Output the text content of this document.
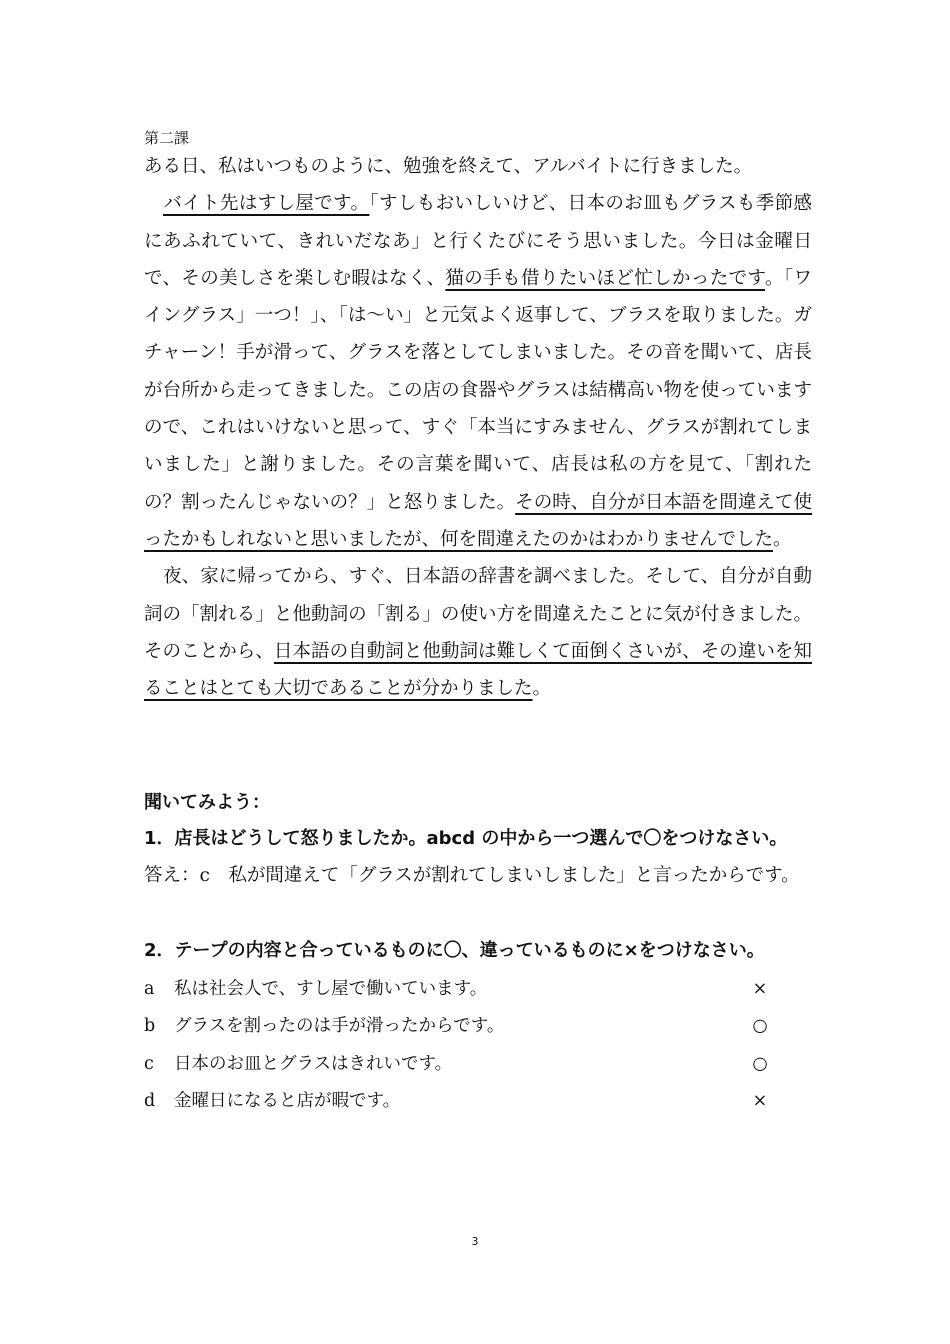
第二課

ある日、私はいつものように、勉強を終えて、アルバイトに行きました。

バイト先はすし屋です。「すしもおいしいけど、日本のお皿もグラスも季節感にあふれていて、きれいだなあ」と行くたびにそう思いました。今日は金曜日で、その美しさを楽しむ暇はなく、猫の手も借りたいほど忙しかったです。「ワイングラス」一つ！」、「は～い」と元気よく返事して、ブラスを取りました。ガチャーン！手が滑って、グラスを落としてしまいました。その音を聞いて、店長が台所から走ってきました。この店の食器やグラスは結構高い物を使っていますので、これはいけないと思って、すぐ「本当にすみません、グラスが割れてしまいました」と謝りました。その言葉を聞いて、店長は私の方を見て、「割れたの？割ったんじゃないの？」と怒りました。その時、自分が日本語を間違えて使ったかもしれないと思いましたが、何を間違えたのかはわかりませんでした。

夜、家に帰ってから、すぐ、日本語の辞書を調べました。そして、自分が自動詞の「割れる」と他動詞の「割る」の使い方を間違えたことに気が付きました。そのことから、日本語の自動詞と他動詞は難しくて面倒くさいが、その違いを知ることはとても大切であることが分かりました。

聞いてみよう：

1．店長はどうして怒りましたか。abcd の中から一つ選んで〇をつけなさい。

答え：c　私が間違えて「グラスが割れてしまいしました」と言ったからです。

2．テープの内容と合っているものに〇、違っているものに×をつけなさい。

a 私は社会人で、すし屋で働いています。	×
b グラスを割ったのは手が滑ったからです。	○
c 日本のお皿とグラスはきれいです。	○
d 金曜日になると店が暇です。	×
3
